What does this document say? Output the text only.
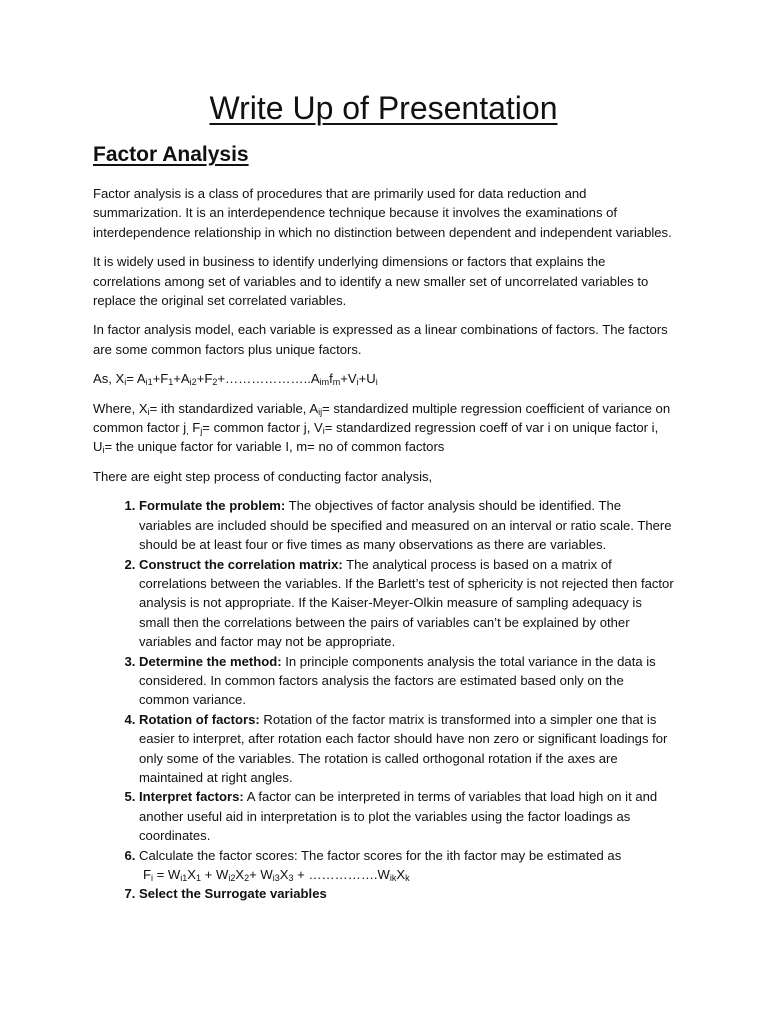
Write Up of Presentation
Factor Analysis

Factor analysis is a class of procedures that are primarily used for data reduction and summarization. It is an interdependence technique because it involves the examinations of interdependence relationship in which no distinction between dependent and independent variables.

It is widely used in business to identify underlying dimensions or factors that explains the correlations among set of variables and to identify a new smaller set of uncorrelated variables to replace the original set correlated variables.

In factor analysis model, each variable is expressed as a linear combinations of factors. The factors are some common factors plus unique factors.

As, $X_i=$ $A_{i1}+F_1+A_{i2}+F_2+\dots\dots\dots\dots\dots\dots..A_{im}f_m+V_i+U_i$

Where, $X_i=$ ith standardized variable, $A_{ij}=$ standardized multiple regression coefficient of variance on common factor $j_,$ $F_j=$ common factor j, $V_i=$ standardized regression coeff of var i on unique factor i, $U_i=$ the unique factor for variable I, m= no of common factors

There are eight step process of conducting factor analysis,

1. Formulate the problem: The objectives of factor analysis should be identified. The variables are included should be specified and measured on an interval or ratio scale. There should be at least four or five times as many observations as there are variables.
2. Construct the correlation matrix: The analytical process is based on a matrix of correlations between the variables. If the Barlett’s test of sphericity is not rejected then factor analysis is not appropriate. If the Kaiser-Meyer-Olkin measure of sampling adequacy is small then the correlations between the pairs of variables can’t be explained by other variables and factor may not be appropriate.
3. Determine the method: In principle components analysis the total variance in the data is considered. In common factors analysis the factors are estimated based only on the common variance.
4. Rotation of factors: Rotation of the factor matrix is transformed into a simpler one that is easier to interpret, after rotation each factor should have non zero or significant loadings for only some of the variables. The rotation is called orthogonal rotation if the axes are maintained at right angles.
5. Interpret factors: A factor can be interpreted in terms of variables that load high on it and another useful aid in interpretation is to plot the variables using the factor loadings as coordinates.
6. Calculate the factor scores: The factor scores for the ith factor may be estimated as
$F_i = W_{i1}X_1 + W_{i2}X_2+ W_{i3}X_3$ + $\dots\dots\dots\dots\dots.W_{ik}X_k$
7. Select the Surrogate variables
